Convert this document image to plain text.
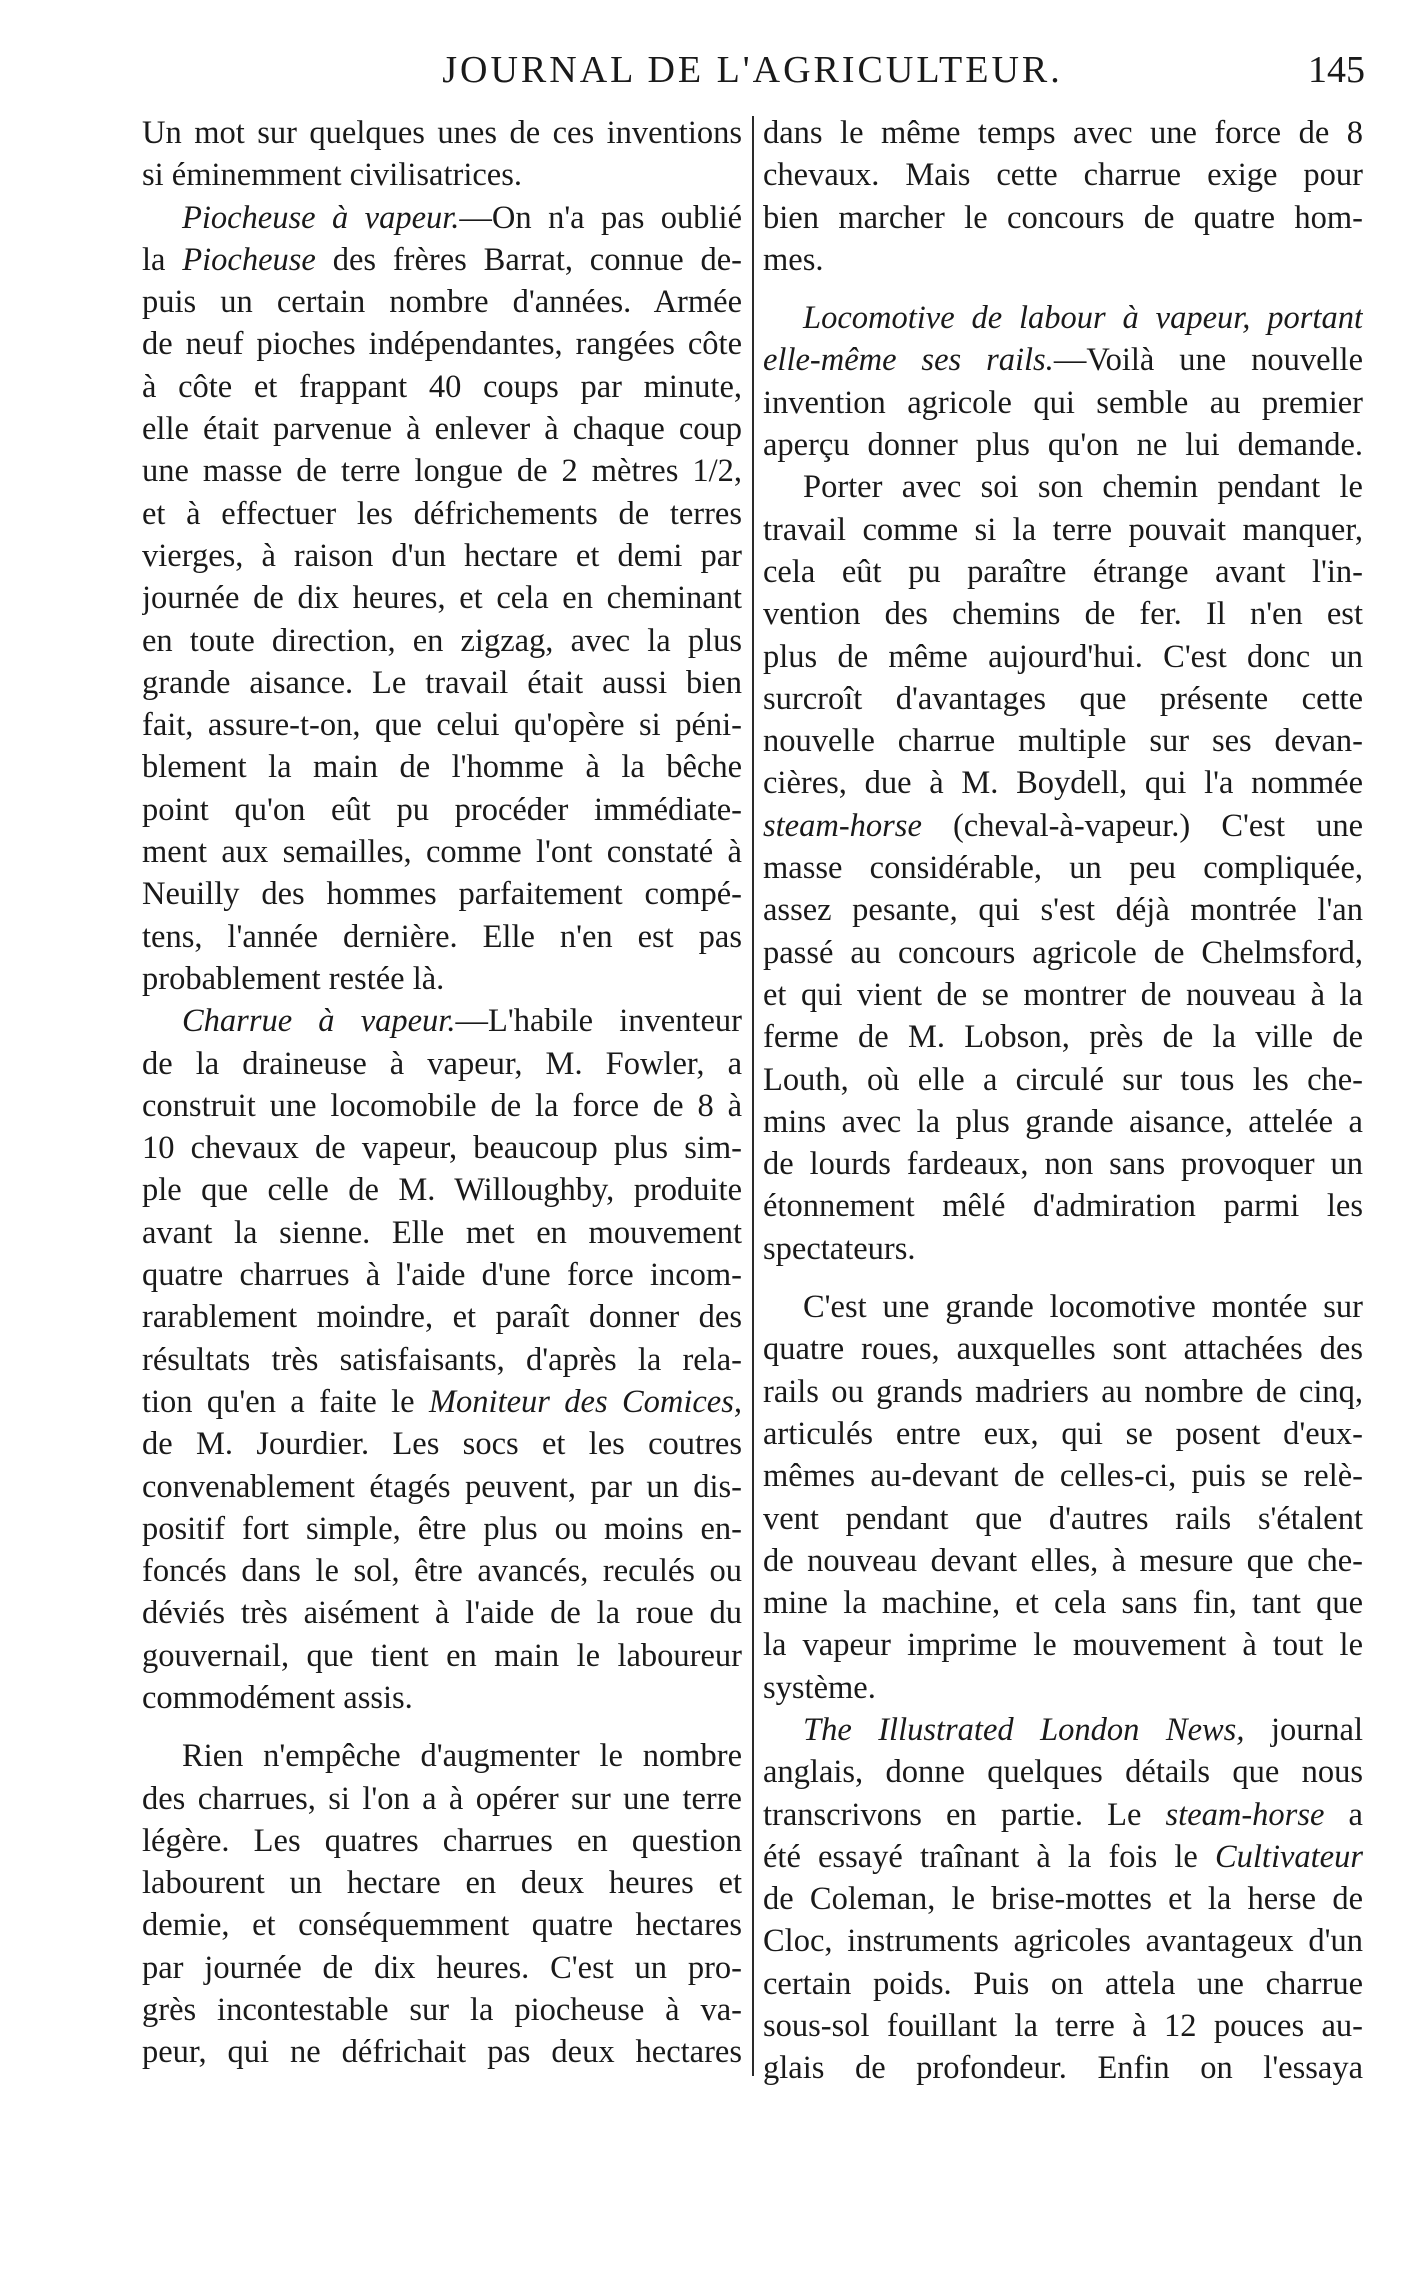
JOURNAL DE L'AGRICULTEUR.	145
Un mot sur quelques unes de ces inventions
si éminemment civilisatrices.
Piocheuse à vapeur.—On n'a pas oublié
la Piocheuse des frères Barrat, connue de-
puis un certain nombre d'années. Armée
de neuf pioches indépendantes, rangées côte
à côte et frappant 40 coups par minute,
elle était parvenue à enlever à chaque coup
une masse de terre longue de 2 mètres 1/2,
et à effectuer les défrichements de terres
vierges, à raison d'un hectare et demi par
journée de dix heures, et cela en cheminant
en toute direction, en zigzag, avec la plus
grande aisance. Le travail était aussi bien
fait, assure-t-on, que celui qu'opère si péni-
blement la main de l'homme à la bêche
point qu'on eût pu procéder immédiate-
ment aux semailles, comme l'ont constaté à
Neuilly des hommes parfaitement compé-
tens, l'année dernière. Elle n'en est pas
probablement restée là.
Charrue à vapeur.—L'habile inventeur
de la draineuse à vapeur, M. Fowler, a
construit une locomobile de la force de 8 à
10 chevaux de vapeur, beaucoup plus sim-
ple que celle de M. Willoughby, produite
avant la sienne. Elle met en mouvement
quatre charrues à l'aide d'une force incom-
rarablement moindre, et paraît donner des
résultats très satisfaisants, d'après la rela-
tion qu'en a faite le Moniteur des Comices,
de M. Jourdier. Les socs et les coutres
convenablement étagés peuvent, par un dis-
positif fort simple, être plus ou moins en-
foncés dans le sol, être avancés, reculés ou
déviés très aisément à l'aide de la roue du
gouvernail, que tient en main le laboureur
commodément assis.
Rien n'empêche d'augmenter le nombre
des charrues, si l'on a à opérer sur une terre
légère. Les quatres charrues en question
labourent un hectare en deux heures et
demie, et conséquemment quatre hectares
par journée de dix heures. C'est un pro-
grès incontestable sur la piocheuse à va-
peur, qui ne défrichait pas deux hectares
dans le même temps avec une force de 8
chevaux. Mais cette charrue exige pour
bien marcher le concours de quatre hom-
mes.
Locomotive de labour à vapeur, portant
elle-même ses rails.—Voilà une nouvelle
invention agricole qui semble au premier
aperçu donner plus qu'on ne lui demande.
Porter avec soi son chemin pendant le
travail comme si la terre pouvait manquer,
cela eût pu paraître étrange avant l'in-
vention des chemins de fer. Il n'en est
plus de même aujourd'hui. C'est donc un
surcroît d'avantages que présente cette
nouvelle charrue multiple sur ses devan-
cières, due à M. Boydell, qui l'a nommée
steam-horse (cheval-à-vapeur.) C'est une
masse considérable, un peu compliquée,
assez pesante, qui s'est déjà montrée l'an
passé au concours agricole de Chelmsford,
et qui vient de se montrer de nouveau à la
ferme de M. Lobson, près de la ville de
Louth, où elle a circulé sur tous les che-
mins avec la plus grande aisance, attelée a
de lourds fardeaux, non sans provoquer un
étonnement mêlé d'admiration parmi les
spectateurs.
C'est une grande locomotive montée sur
quatre roues, auxquelles sont attachées des
rails ou grands madriers au nombre de cinq,
articulés entre eux, qui se posent d'eux-
mêmes au-devant de celles-ci, puis se relè-
vent pendant que d'autres rails s'étalent
de nouveau devant elles, à mesure que che-
mine la machine, et cela sans fin, tant que
la vapeur imprime le mouvement à tout le
système.
The Illustrated London News, journal
anglais, donne quelques détails que nous
transcrivons en partie. Le steam-horse a
été essayé traînant à la fois le Cultivateur
de Coleman, le brise-mottes et la herse de
Cloc, instruments agricoles avantageux d'un
certain poids. Puis on attela une charrue
sous-sol fouillant la terre à 12 pouces au-
glais de profondeur. Enfin on l'essaya
